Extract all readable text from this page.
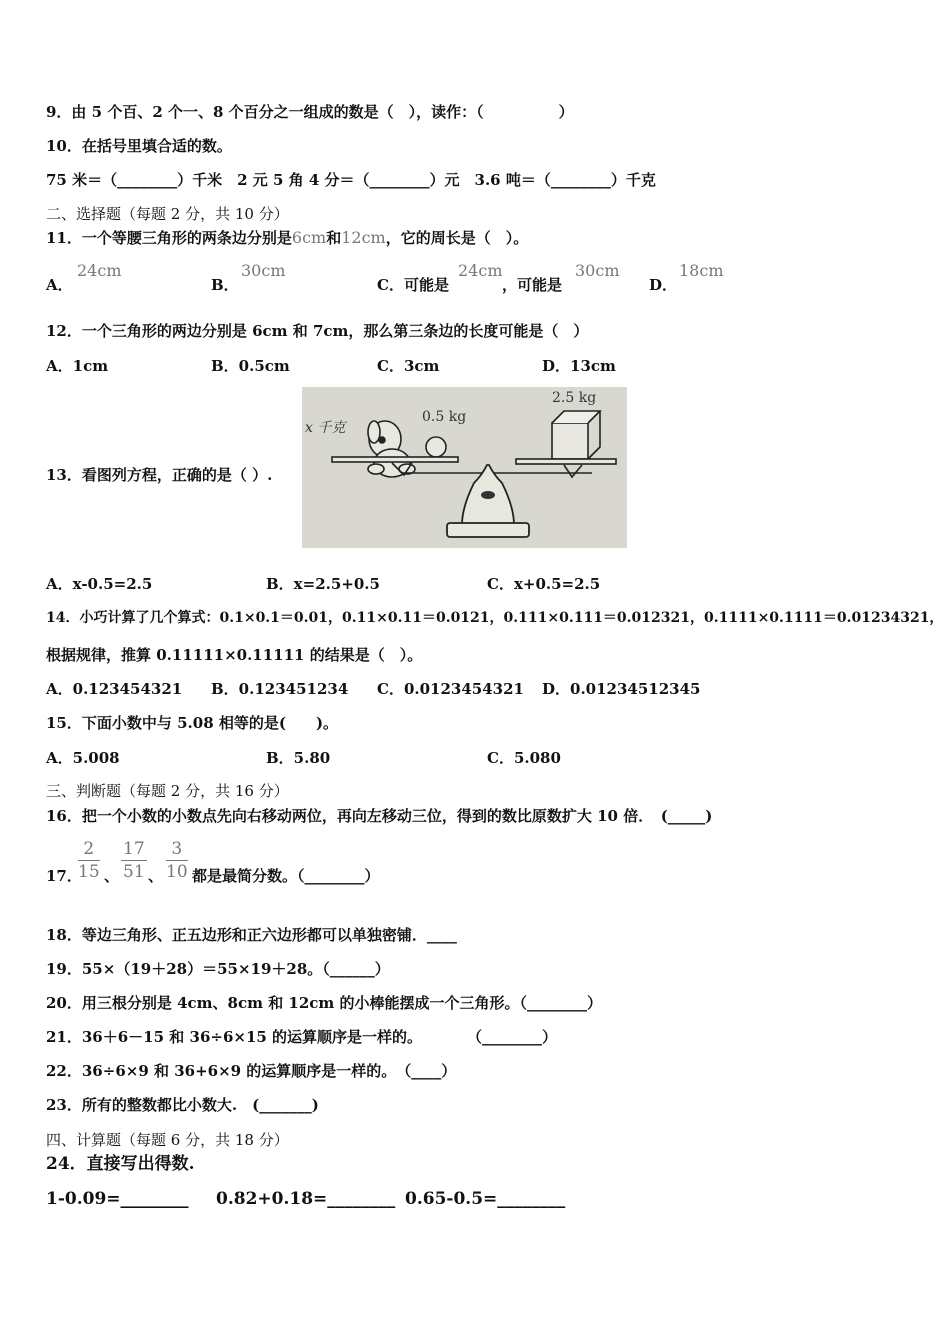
9．由 5 个百、2 个一、8 个百分之一组成的数是（　），读作：（　　　　　）
10．在括号里填合适的数。
75 米＝（________）千米　2 元 5 角 4 分＝（________）元　3.6 吨＝（________）千克
二、选择题（每题 2 分，共 10 分）
11．一个等腰三角形的两条边分别是6cm和12cm，它的周长是（　）。
A．
24cm
B．
30cm
C．可能是
24cm
，可能是
30cm
D．
18cm
12．一个三角形的两边分别是 6cm 和 7cm，那么第三条边的长度可能是（　）
A．1cm	B．0.5cm	C．3cm	D．13cm
13．看图列方程，正确的是（ ）.
x 千克
0.5 kg
2.5 kg
A．x-0.5=2.5	B．x=2.5+0.5	C．x+0.5=2.5
14．小巧计算了几个算式：0.1×0.1＝0.01，0.11×0.11＝0.0121，0.111×0.111＝0.012321，0.1111×0.1111＝0.01234321，
根据规律，推算 0.11111×0.11111 的结果是（　）。
A．0.123454321 B．0.123451234 C．0.0123454321 D．0.01234512345
15．下面小数中与 5.08 相等的是(　　)。
A．5.008	B．5.80	C．5.080
三、判断题（每题 2 分，共 16 分）
16．把一个小数的小数点先向右移动两位，再向左移动三位，得到的数比原数扩大 10 倍．　(_____)
17．
$\frac{2}{15}$ 、 $\frac{17}{51}$ 、 $\frac{3}{10}$ 都是最简分数。（________）
18．等边三角形、正五边形和正六边形都可以单独密铺．____
19．55×（19＋28）＝55×19＋28。（______）
20．用三根分别是 4cm、8cm 和 12cm 的小棒能摆成一个三角形。（________）
21．36＋6－15 和 36÷6×15 的运算顺序是一样的。　　　　（________）
22．36÷6×9 和 36+6×9 的运算顺序是一样的。　（____）
23．所有的整数都比小数大.　(_______)
四、计算题（每题 6 分，共 18 分）
24．直接写出得数.
1-0.09=________ 0.82+0.18=________ 0.65-0.5=________
